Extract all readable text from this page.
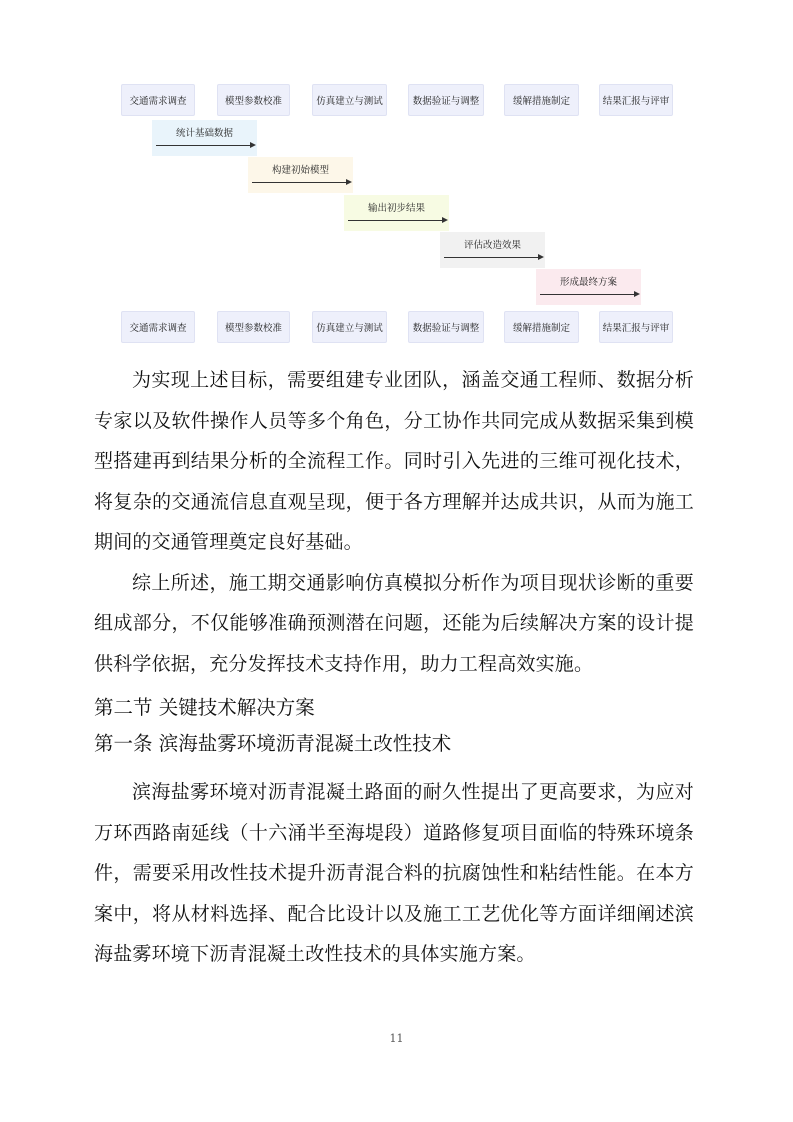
交通需求调查	模型参数校准	仿真建立与测试	数据验证与调整	缓解措施制定	结果汇报与评审
统计基础数据
构建初始模型
输出初步结果
评估改造效果
形成最终方案
交通需求调查	模型参数校准	仿真建立与测试	数据验证与调整	缓解措施制定	结果汇报与评审

为实现上述目标，需要组建专业团队，涵盖交通工程师、数据分析专家以及软件操作人员等多个角色，分工协作共同完成从数据采集到模型搭建再到结果分析的全流程工作。同时引入先进的三维可视化技术，将复杂的交通流信息直观呈现，便于各方理解并达成共识，从而为施工期间的交通管理奠定良好基础。

综上所述，施工期交通影响仿真模拟分析作为项目现状诊断的重要组成部分，不仅能够准确预测潜在问题，还能为后续解决方案的设计提供科学依据，充分发挥技术支持作用，助力工程高效实施。

第二节 关键技术解决方案

第一条 滨海盐雾环境沥青混凝土改性技术

滨海盐雾环境对沥青混凝土路面的耐久性提出了更高要求，为应对万环西路南延线（十六涌半至海堤段）道路修复项目面临的特殊环境条件，需要采用改性技术提升沥青混合料的抗腐蚀性和粘结性能。在本方案中，将从材料选择、配合比设计以及施工工艺优化等方面详细阐述滨海盐雾环境下沥青混凝土改性技术的具体实施方案。

11
